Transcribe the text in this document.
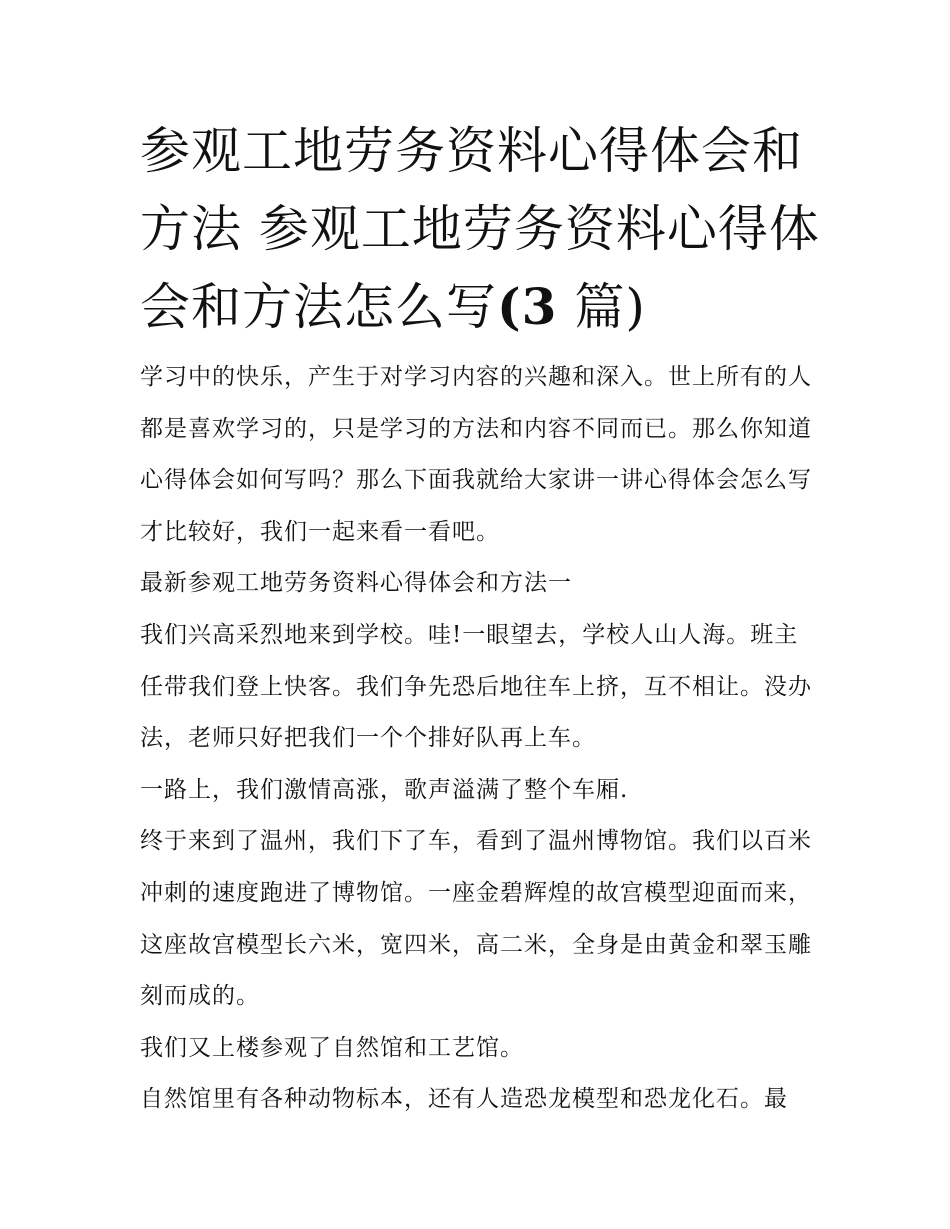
参观工地劳务资料心得体会和方法 参观工地劳务资料心得体会和方法怎么写(3 篇)

学习中的快乐，产生于对学习内容的兴趣和深入。世上所有的人都是喜欢学习的，只是学习的方法和内容不同而已。那么你知道心得体会如何写吗？那么下面我就给大家讲一讲心得体会怎么写才比较好，我们一起来看一看吧。

最新参观工地劳务资料心得体会和方法一

我们兴高采烈地来到学校。哇!一眼望去，学校人山人海。班主任带我们登上快客。我们争先恐后地往车上挤，互不相让。没办法，老师只好把我们一个个排好队再上车。

一路上，我们激情高涨，歌声溢满了整个车厢.

终于来到了温州，我们下了车，看到了温州博物馆。我们以百米冲刺的速度跑进了博物馆。一座金碧辉煌的故宫模型迎面而来，这座故宫模型长六米，宽四米，高二米，全身是由黄金和翠玉雕刻而成的。

我们又上楼参观了自然馆和工艺馆。

自然馆里有各种动物标本，还有人造恐龙模型和恐龙化石。最
